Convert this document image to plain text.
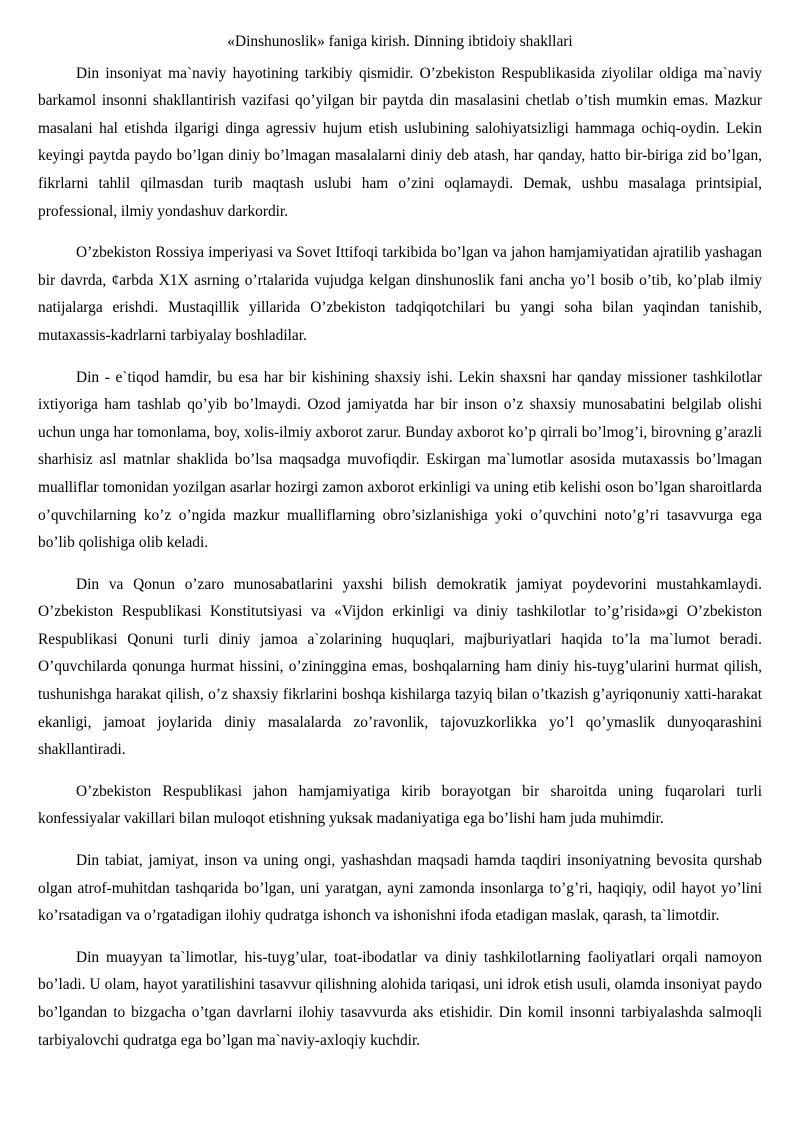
«Dinshunoslik» faniga kirish. Dinning ibtidoiy shakllari

Din insoniyat ma`naviy hayotining tarkibiy qismidir. O’zbekiston Respublikasida ziyolilar oldiga ma`naviy barkamol insonni shakllantirish vazifasi qo’yilgan bir paytda din masalasini chetlab o’tish mumkin emas. Mazkur masalani hal etishda ilgarigi dinga agressiv hujum etish uslubining salohiyatsizligi hammaga ochiq-oydin. Lekin keyingi paytda paydo bo’lgan diniy bo’lmagan masalalarni diniy deb atash, har qanday, hatto bir-biriga zid bo’lgan, fikrlarni tahlil qilmasdan turib maqtash uslubi ham o’zini oqlamaydi. Demak, ushbu masalaga printsipial, professional, ilmiy yondashuv darkordir.

O’zbekiston Rossiya imperiyasi va Sovet Ittifoqi tarkibida bo’lgan va jahon hamjamiyatidan ajratilib yashagan bir davrda, ¢arbda X1X asrning o’rtalarida vujudga kelgan dinshunoslik fani ancha yo’l bosib o’tib, ko’plab ilmiy natijalarga erishdi. Mustaqillik yillarida O’zbekiston tadqiqotchilari bu yangi soha bilan yaqindan tanishib, mutaxassis-kadrlarni tarbiyalay boshladilar.

Din - e`tiqod hamdir, bu esa har bir kishining shaxsiy ishi. Lekin shaxsni har qanday missioner tashkilotlar ixtiyoriga ham tashlab qo’yib bo’lmaydi. Ozod jamiyatda har bir inson o’z shaxsiy munosabatini belgilab olishi uchun unga har tomonlama, boy, xolis-ilmiy axborot zarur. Bunday axborot ko’p qirrali bo’lmog’i, birovning g’arazli sharhisiz asl matnlar shaklida bo’lsa maqsadga muvofiqdir. Eskirgan ma`lumotlar asosida mutaxassis bo’lmagan mualliflar tomonidan yozilgan asarlar hozirgi zamon axborot erkinligi va uning etib kelishi oson bo’lgan sharoitlarda o’quvchilarning ko’z o’ngida mazkur mualliflarning obro’sizlanishiga yoki o’quvchini noto’g’ri tasavvurga ega bo’lib qolishiga olib keladi.

Din va Qonun o’zaro munosabatlarini yaxshi bilish demokratik jamiyat poydevorini mustahkamlaydi. O’zbekiston Respublikasi Konstitutsiyasi va «Vijdon erkinligi va diniy tashkilotlar to’g’risida»gi O’zbekiston Respublikasi Qonuni turli diniy jamoa a`zolarining huquqlari, majburiyatlari haqida to’la ma`lumot beradi. O’quvchilarda qonunga hurmat hissini, o’zininggina emas, boshqalarning ham diniy his-tuyg’ularini hurmat qilish, tushunishga harakat qilish, o’z shaxsiy fikrlarini boshqa kishilarga tazyiq bilan o’tkazish g’ayriqonuniy xatti-harakat ekanligi, jamoat joylarida diniy masalalarda zo’ravonlik, tajovuzkorlikka yo’l qo’ymaslik dunyoqarashini shakllantiradi.

O’zbekiston Respublikasi jahon hamjamiyatiga kirib borayotgan bir sharoitda uning fuqarolari turli konfessiyalar vakillari bilan muloqot etishning yuksak madaniyatiga ega bo’lishi ham juda muhimdir.

Din tabiat, jamiyat, inson va uning ongi, yashashdan maqsadi hamda taqdiri insoniyatning bevosita qurshab olgan atrof-muhitdan tashqarida bo’lgan, uni yaratgan, ayni zamonda insonlarga to’g’ri, haqiqiy, odil hayot yo’lini ko’rsatadigan va o’rgatadigan ilohiy qudratga ishonch va ishonishni ifoda etadigan maslak, qarash, ta`limotdir.

Din muayyan ta`limotlar, his-tuyg’ular, toat-ibodatlar va diniy tashkilotlarning faoliyatlari orqali namoyon bo’ladi. U olam, hayot yaratilishini tasavvur qilishning alohida tariqasi, uni idrok etish usuli, olamda insoniyat paydo bo’lgandan to bizgacha o’tgan davrlarni ilohiy tasavvurda aks etishidir. Din komil insonni tarbiyalashda salmoqli tarbiyalovchi qudratga ega bo’lgan ma`naviy-axloqiy kuchdir.
